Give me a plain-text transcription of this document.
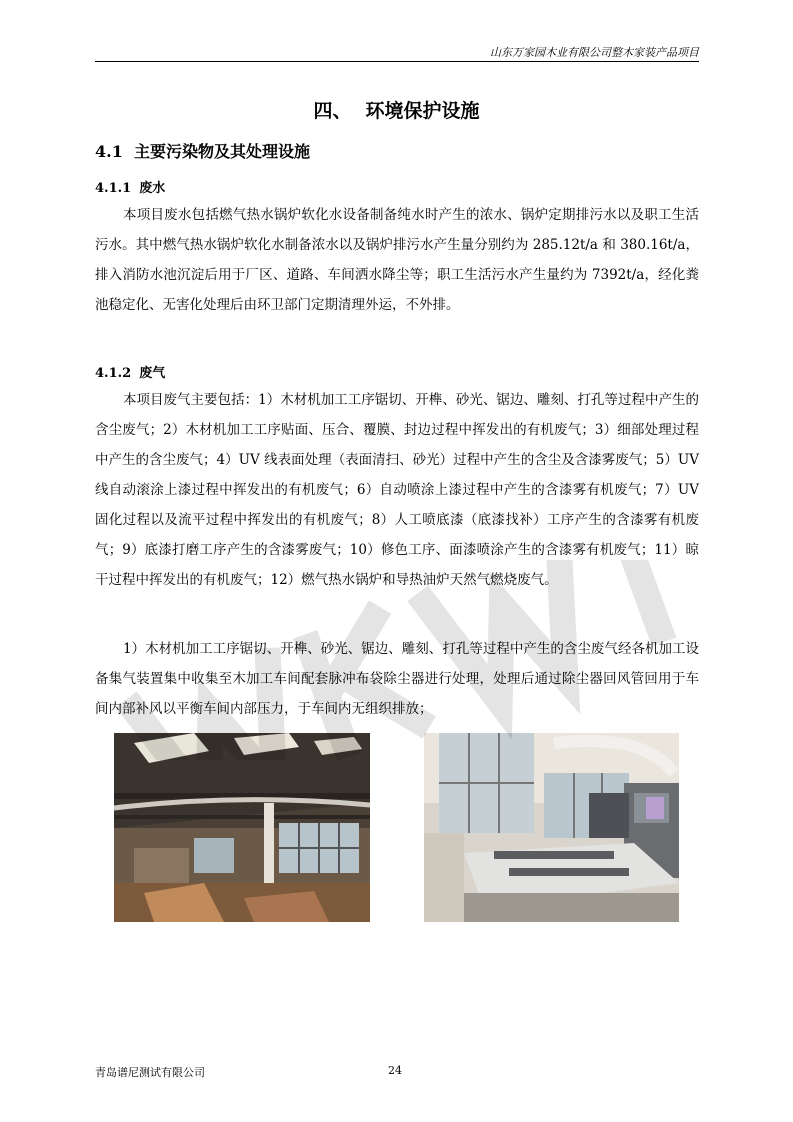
山东万家园木业有限公司整木家装产品项目
四、 环境保护设施
4.1 主要污染物及其处理设施
4.1.1 废水
本项目废水包括燃气热水锅炉软化水设备制备纯水时产生的浓水、锅炉定期排污水以及职工生活污水。其中燃气热水锅炉软化水制备浓水以及锅炉排污水产生量分别约为 285.12t/a 和 380.16t/a，排入消防水池沉淀后用于厂区、道路、车间洒水降尘等；职工生活污水产生量约为 7392t/a，经化粪池稳定化、无害化处理后由环卫部门定期清理外运，不外排。
4.1.2 废气
本项目废气主要包括：1）木材机加工工序锯切、开榫、砂光、锯边、雕刻、打孔等过程中产生的含尘废气；2）木材机加工工序贴面、压合、覆膜、封边过程中挥发出的有机废气；3）细部处理过程中产生的含尘废气；4）UV 线表面处理（表面清扫、砂光）过程中产生的含尘及含漆雾废气；5）UV 线自动滚涂上漆过程中挥发出的有机废气；6）自动喷涂上漆过程中产生的含漆雾有机废气；7）UV 固化过程以及流平过程中挥发出的有机废气；8）人工喷底漆（底漆找补）工序产生的含漆雾有机废气；9）底漆打磨工序产生的含漆雾废气；10）修色工序、面漆喷涂产生的含漆雾有机废气；11）晾干过程中挥发出的有机废气；12）燃气热水锅炉和导热油炉天然气燃烧废气。
1）木材机加工工序锯切、开榫、砂光、锯边、雕刻、打孔等过程中产生的含尘废气经各机加工设备集气装置集中收集至木加工车间配套脉冲布袋除尘器进行处理，处理后通过除尘器回风管回用于车间内部补风以平衡车间内部压力，于车间内无组织排放；
青岛谱尼测试有限公司	24
